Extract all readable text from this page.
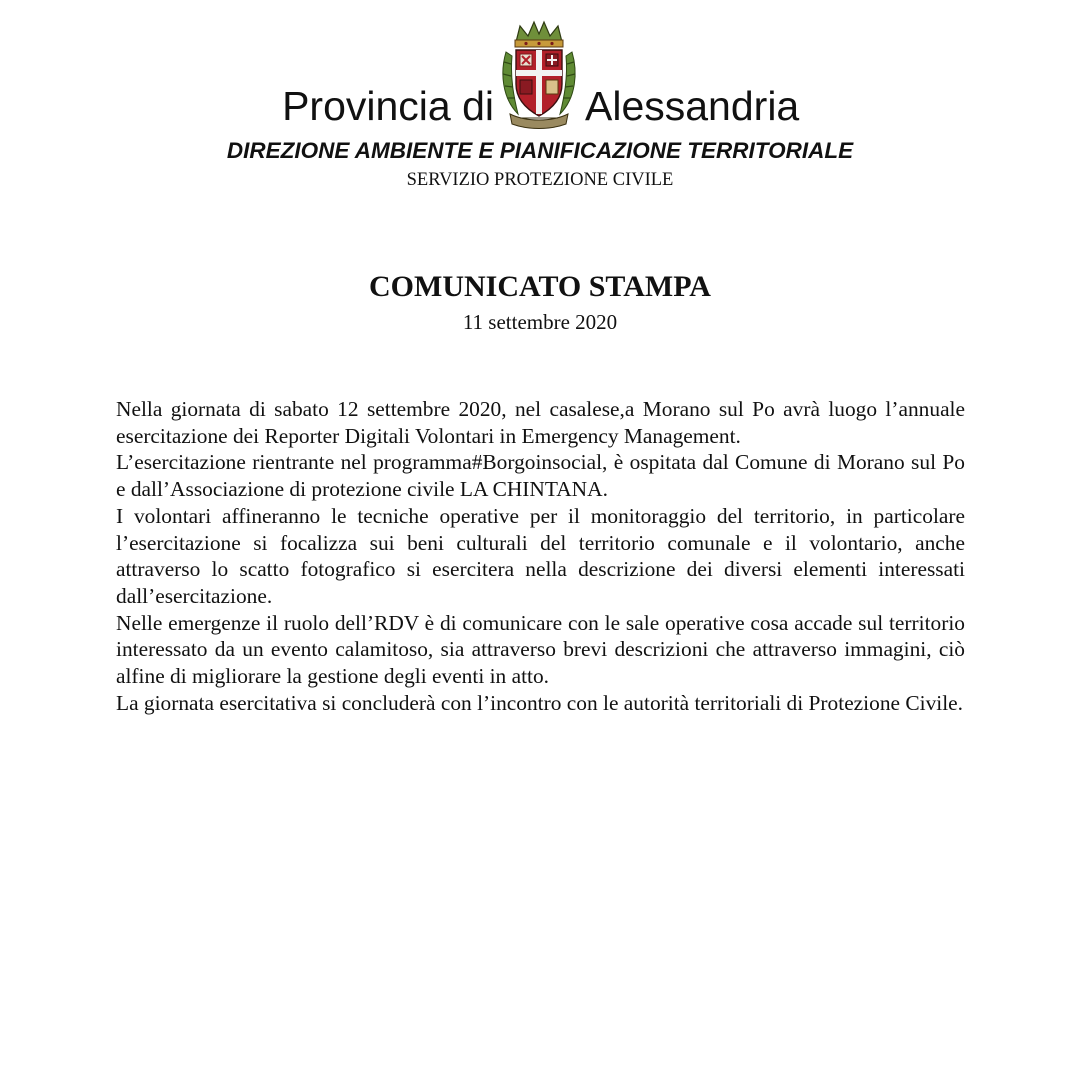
Provincia di Alessandria
DIREZIONE AMBIENTE E PIANIFICAZIONE TERRITORIALE
SERVIZIO PROTEZIONE CIVILE
COMUNICATO STAMPA
11 settembre 2020

Nella giornata di sabato 12 settembre 2020, nel casalese,a Morano sul Po avrà luogo l’annuale esercitazione dei Reporter Digitali Volontari in Emergency Management.

L’esercitazione rientrante nel programma#Borgoinsocial, è ospitata dal Comune di Morano sul Po e dall’Associazione di protezione civile LA CHINTANA.

I volontari affineranno le tecniche operative per il monitoraggio del territorio, in particolare l’esercitazione si focalizza sui beni culturali del territorio comunale e il volontario, anche attraverso lo scatto fotografico si esercitera nella descrizione dei diversi elementi interessati dall’esercitazione.

Nelle emergenze il ruolo dell’RDV è di comunicare con le sale operative cosa accade sul territorio interessato da un evento calamitoso, sia attraverso brevi descrizioni che attraverso immagini, ciò alfine di migliorare la gestione degli eventi in atto.

La giornata esercitativa si concluderà con l’incontro con le autorità territoriali di Protezione Civile.
